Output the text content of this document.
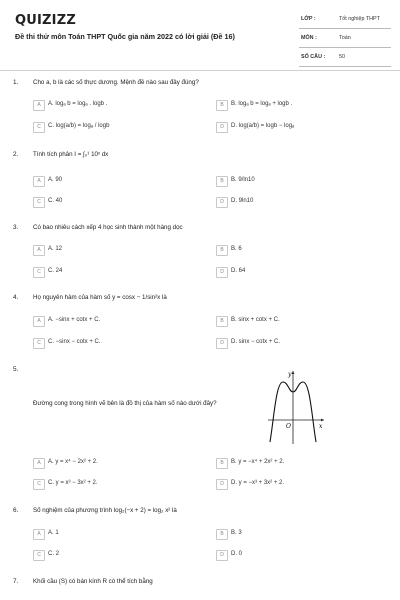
QUIZIZZ
Đề thi thử môn Toán THPT Quốc gia năm 2022 có lời giải (Đề 16)
LỚP :	Tốt nghiệp THPT
MÔN :	Toán
SỐ CÂU :	50
1. Cho a, b là các số thực dương. Mệnh đề nào sau đây đúng?
A	A. logₐ b = logₐ . logb .	B	B. logₐ b = logₐ + logb .
C	C. log(a/b) = logₐ / logb	D	D. log(a/b) = logb − logₐ
2. Tính tích phân I = ∫₀¹ 10ˣ dx
A	A. 90	B	B. 9/ln10
C	C. 40	D	D. 9ln10
3. Có bao nhiêu cách xếp 4 học sinh thành một hàng dọc
A	A. 12	B	B. 6
C	C. 24	D	D. 64
4. Họ nguyên hàm của hàm số y = cosx − 1/sin²x là
A	A. −sinx + cotx + C.	B	B. sinx + cotx + C.
C	C. −sinx − cotx + C.	D	D. sinx − cotx + C.
5.
Đường cong trong hình vẽ bên là đồ thị của hàm số nào dưới đây?
y
x
O
A	A. y = x⁴ − 2x² + 2.	B	B. y = −x⁴ + 2x² + 2.
C	C. y = x³ − 3x² + 2.	D	D. y = −x³ + 3x² + 2.
6. Số nghiệm của phương trình log₂(−x + 2) = log₂ x² là
A	A. 1	B	B. 3
C	C. 2	D	D. 0
7. Khối cầu (S) có bán kính R có thể tích bằng
